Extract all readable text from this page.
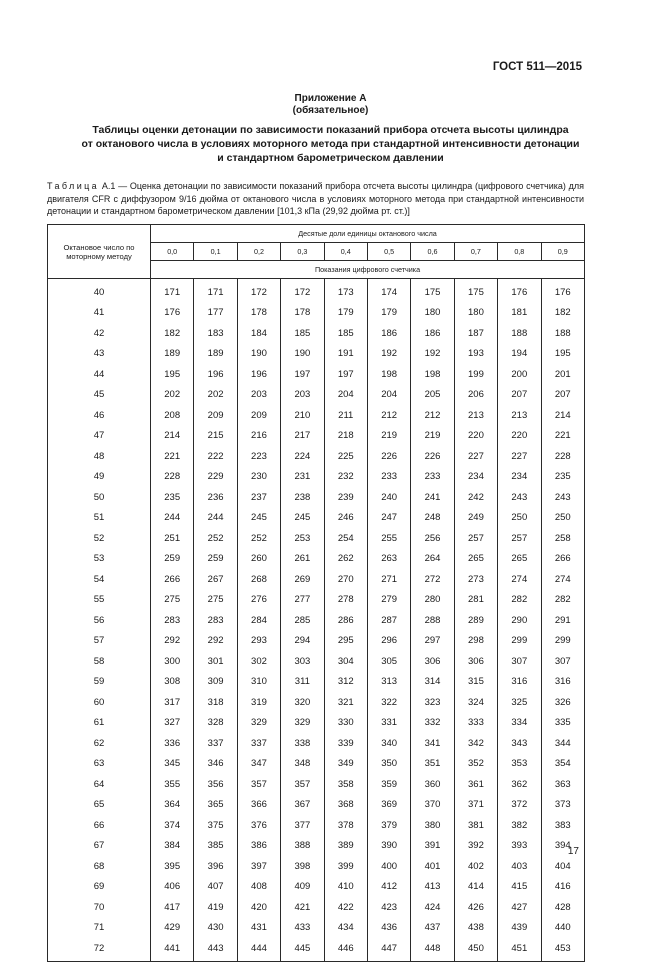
ГОСТ 511—2015
Приложение А
(обязательное)
Таблицы оценки детонации по зависимости показаний прибора отсчета высоты цилиндра
от октанового числа в условиях моторного метода при стандартной интенсивности детонации
и стандартном барометрическом давлении
Таблица А.1 — Оценка детонации по зависимости показаний прибора отсчета высоты цилиндра (цифрового счетчика) для двигателя CFR с диффузором 9/16 дюйма от октанового числа в условиях моторного метода при стандартной интенсивности детонации и стандартном барометрическом давлении [101,3 кПа (29,92 дюйма рт. ст.)]
Октановое число по моторному методу	Десятые доли единицы октанового числа									
	0,0	0,1	0,2	0,3	0,4	0,5	0,6	0,7	0,8	0,9
	Показания цифрового счетчика									
40	171	171	172	172	173	174	175	175	176	176
41	176	177	178	178	179	179	180	180	181	182
42	182	183	184	185	185	186	186	187	188	188
43	189	189	190	190	191	192	192	193	194	195
44	195	196	196	197	197	198	198	199	200	201
45	202	202	203	203	204	204	205	206	207	207
46	208	209	209	210	211	212	212	213	213	214
47	214	215	216	217	218	219	219	220	220	221
48	221	222	223	224	225	226	226	227	227	228
49	228	229	230	231	232	233	233	234	234	235
50	235	236	237	238	239	240	241	242	243	243
51	244	244	245	245	246	247	248	249	250	250
52	251	252	252	253	254	255	256	257	257	258
53	259	259	260	261	262	263	264	265	265	266
54	266	267	268	269	270	271	272	273	274	274
55	275	275	276	277	278	279	280	281	282	282
56	283	283	284	285	286	287	288	289	290	291
57	292	292	293	294	295	296	297	298	299	299
58	300	301	302	303	304	305	306	306	307	307
59	308	309	310	311	312	313	314	315	316	316
60	317	318	319	320	321	322	323	324	325	326
61	327	328	329	329	330	331	332	333	334	335
62	336	337	337	338	339	340	341	342	343	344
63	345	346	347	348	349	350	351	352	353	354
64	355	356	357	357	358	359	360	361	362	363
65	364	365	366	367	368	369	370	371	372	373
66	374	375	376	377	378	379	380	381	382	383
67	384	385	386	388	389	390	391	392	393	394
68	395	396	397	398	399	400	401	402	403	404
69	406	407	408	409	410	412	413	414	415	416
70	417	419	420	421	422	423	424	426	427	428
71	429	430	431	433	434	436	437	438	439	440
72	441	443	444	445	446	447	448	450	451	453
17
